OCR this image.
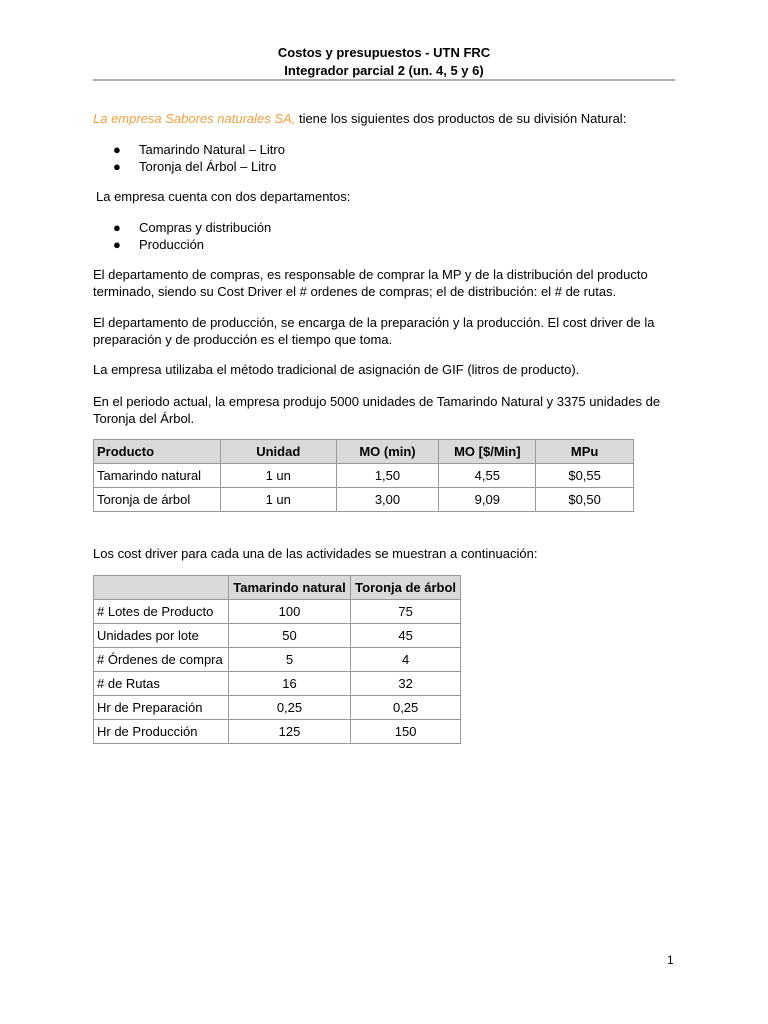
Costos y presupuestos - UTN FRC
Integrador parcial 2 (un. 4, 5 y 6)

La empresa Sabores naturales SA, tiene los siguientes dos productos de su división Natural:

● Tamarindo Natural – Litro
● Toronja del Árbol – Litro

La empresa cuenta con dos departamentos:

● Compras y distribución
● Producción

El departamento de compras, es responsable de comprar la MP y de la distribución del producto terminado, siendo su Cost Driver el # ordenes de compras; el de distribución: el # de rutas.

El departamento de producción, se encarga de la preparación y la producción. El cost driver de la preparación y de producción es el tiempo que toma.

La empresa utilizaba el método tradicional de asignación de GIF (litros de producto).

En el periodo actual, la empresa produjo 5000 unidades de Tamarindo Natural y 3375 unidades de Toronja del Árbol.

Producto	Unidad	MO (min)	MO [$/Min]	MPu
Tamarindo natural	1 un	1,50	4,55	$0,55
Toronja de árbol	1 un	3,00	9,09	$0,50

Los cost driver para cada una de las actividades se muestran a continuación:

	Tamarindo natural	Toronja de árbol
# Lotes de Producto	100	75
Unidades por lote	50	45
# Órdenes de compra	5	4
# de Rutas	16	32
Hr de Preparación	0,25	0,25
Hr de Producción	125	150
1
